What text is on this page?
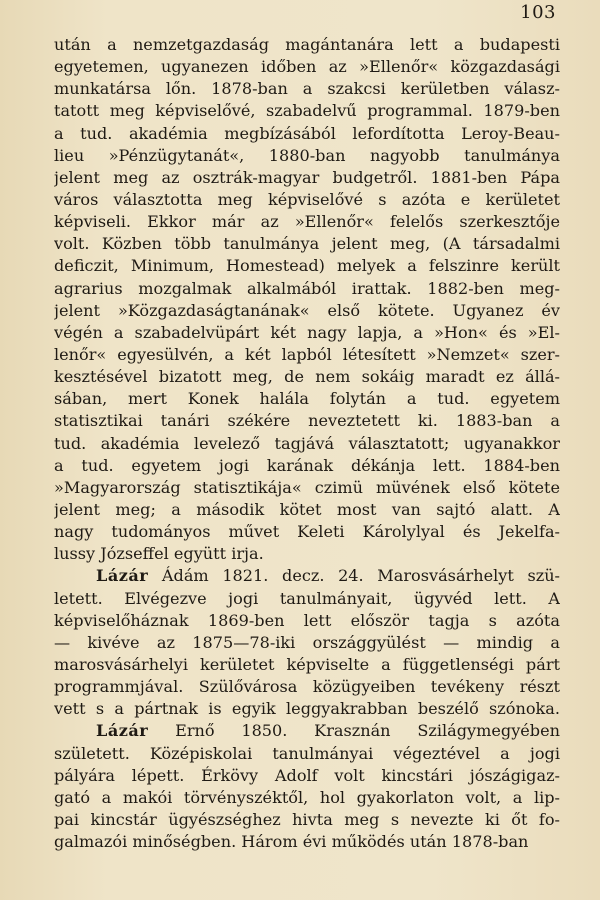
103
után a nemzetgazdaság magántanára lett a budapesti
egyetemen, ugyanezen időben az »Ellenőr« közgazdasági
munkatársa lőn. 1878-ban a szakcsi kerületben válasz-
tatott meg képviselővé, szabadelvű programmal. 1879-ben
a tud. akadémia megbízásából lefordította Leroy-Beau-
lieu »Pénzügytanát«, 1880-ban nagyobb tanulmánya
jelent meg az osztrák-magyar budgetről. 1881-ben Pápa
város választotta meg képviselővé s azóta e kerületet
képviseli. Ekkor már az »Ellenőr« felelős szerkesztője
volt. Közben több tanulmánya jelent meg, (A társadalmi
deficzit, Minimum, Homestead) melyek a felszinre került
agrarius mozgalmak alkalmából irattak. 1882-ben meg-
jelent »Közgazdaságtanának« első kötete. Ugyanez év
végén a szabadelvüpárt két nagy lapja, a »Hon« és »El-
lenőr« egyesülvén, a két lapból létesített »Nemzet« szer-
kesztésével bizatott meg, de nem sokáig maradt ez állá-
sában, mert Konek halála folytán a tud. egyetem
statisztikai tanári székére neveztetett ki. 1883-ban a
tud. akadémia levelező tagjává választatott; ugyanakkor
a tud. egyetem jogi karának dékánja lett. 1884-ben
»Magyarország statisztikája« czimü müvének első kötete
jelent meg; a második kötet most van sajtó alatt. A
nagy tudományos művet Keleti Károlylyal és Jekelfa-
lussy Józseffel együtt irja.
Lázár Ádám 1821. decz. 24. Marosvásárhelyt szü-
letett. Elvégezve jogi tanulmányait, ügyvéd lett. A
képviselőháznak 1869-ben lett először tagja s azóta
— kivéve az 1875—78-iki országgyülést — mindig a
marosvásárhelyi kerületet képviselte a függetlenségi párt
programmjával. Szülővárosa közügyeiben tevékeny részt
vett s a pártnak is egyik leggyakrabban beszélő szónoka.
Lázár Ernő 1850. Krasznán Szilágymegyében
született. Középiskolai tanulmányai végeztével a jogi
pályára lépett. Érkövy Adolf volt kincstári jószágigaz-
gató a makói törvényszéktől, hol gyakorlaton volt, a lip-
pai kincstár ügyészséghez hivta meg s nevezte ki őt fo-
galmazói minőségben. Három évi működés után 1878-ban
